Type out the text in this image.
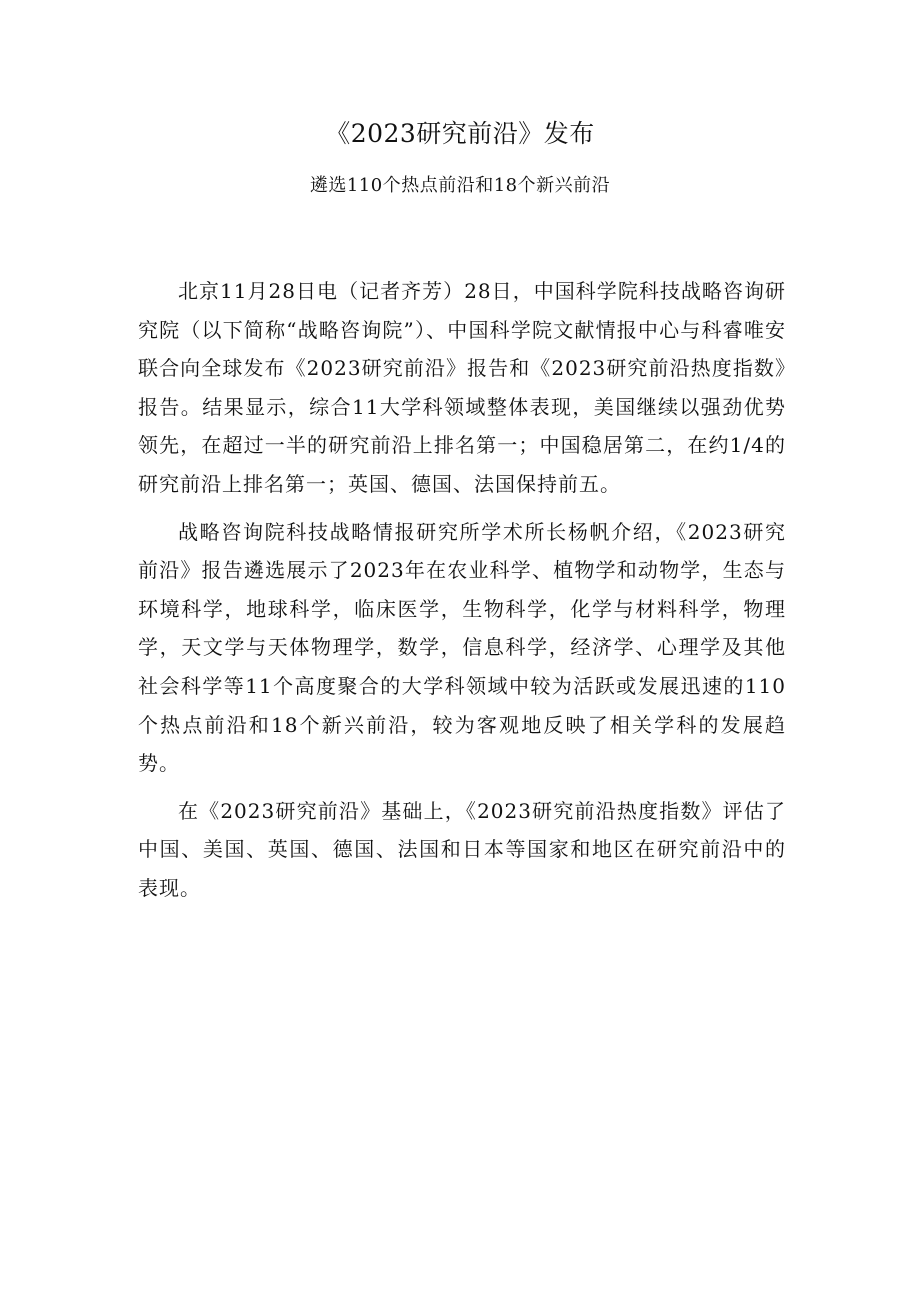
《2023研究前沿》发布

遴选110个热点前沿和18个新兴前沿

北京11月28日电（记者齐芳）28日，中国科学院科技战略咨询研究院（以下简称“战略咨询院”）、中国科学院文献情报中心与科睿唯安联合向全球发布《2023研究前沿》报告和《2023研究前沿热度指数》报告。结果显示，综合11大学科领域整体表现，美国继续以强劲优势领先，在超过一半的研究前沿上排名第一；中国稳居第二，在约1/4的研究前沿上排名第一；英国、德国、法国保持前五。

战略咨询院科技战略情报研究所学术所长杨帆介绍，《2023研究前沿》报告遴选展示了2023年在农业科学、植物学和动物学，生态与环境科学，地球科学，临床医学，生物科学，化学与材料科学，物理学，天文学与天体物理学，数学，信息科学，经济学、心理学及其他社会科学等11个高度聚合的大学科领域中较为活跃或发展迅速的110个热点前沿和18个新兴前沿，较为客观地反映了相关学科的发展趋势。

在《2023研究前沿》基础上，《2023研究前沿热度指数》评估了中国、美国、英国、德国、法国和日本等国家和地区在研究前沿中的表现。
